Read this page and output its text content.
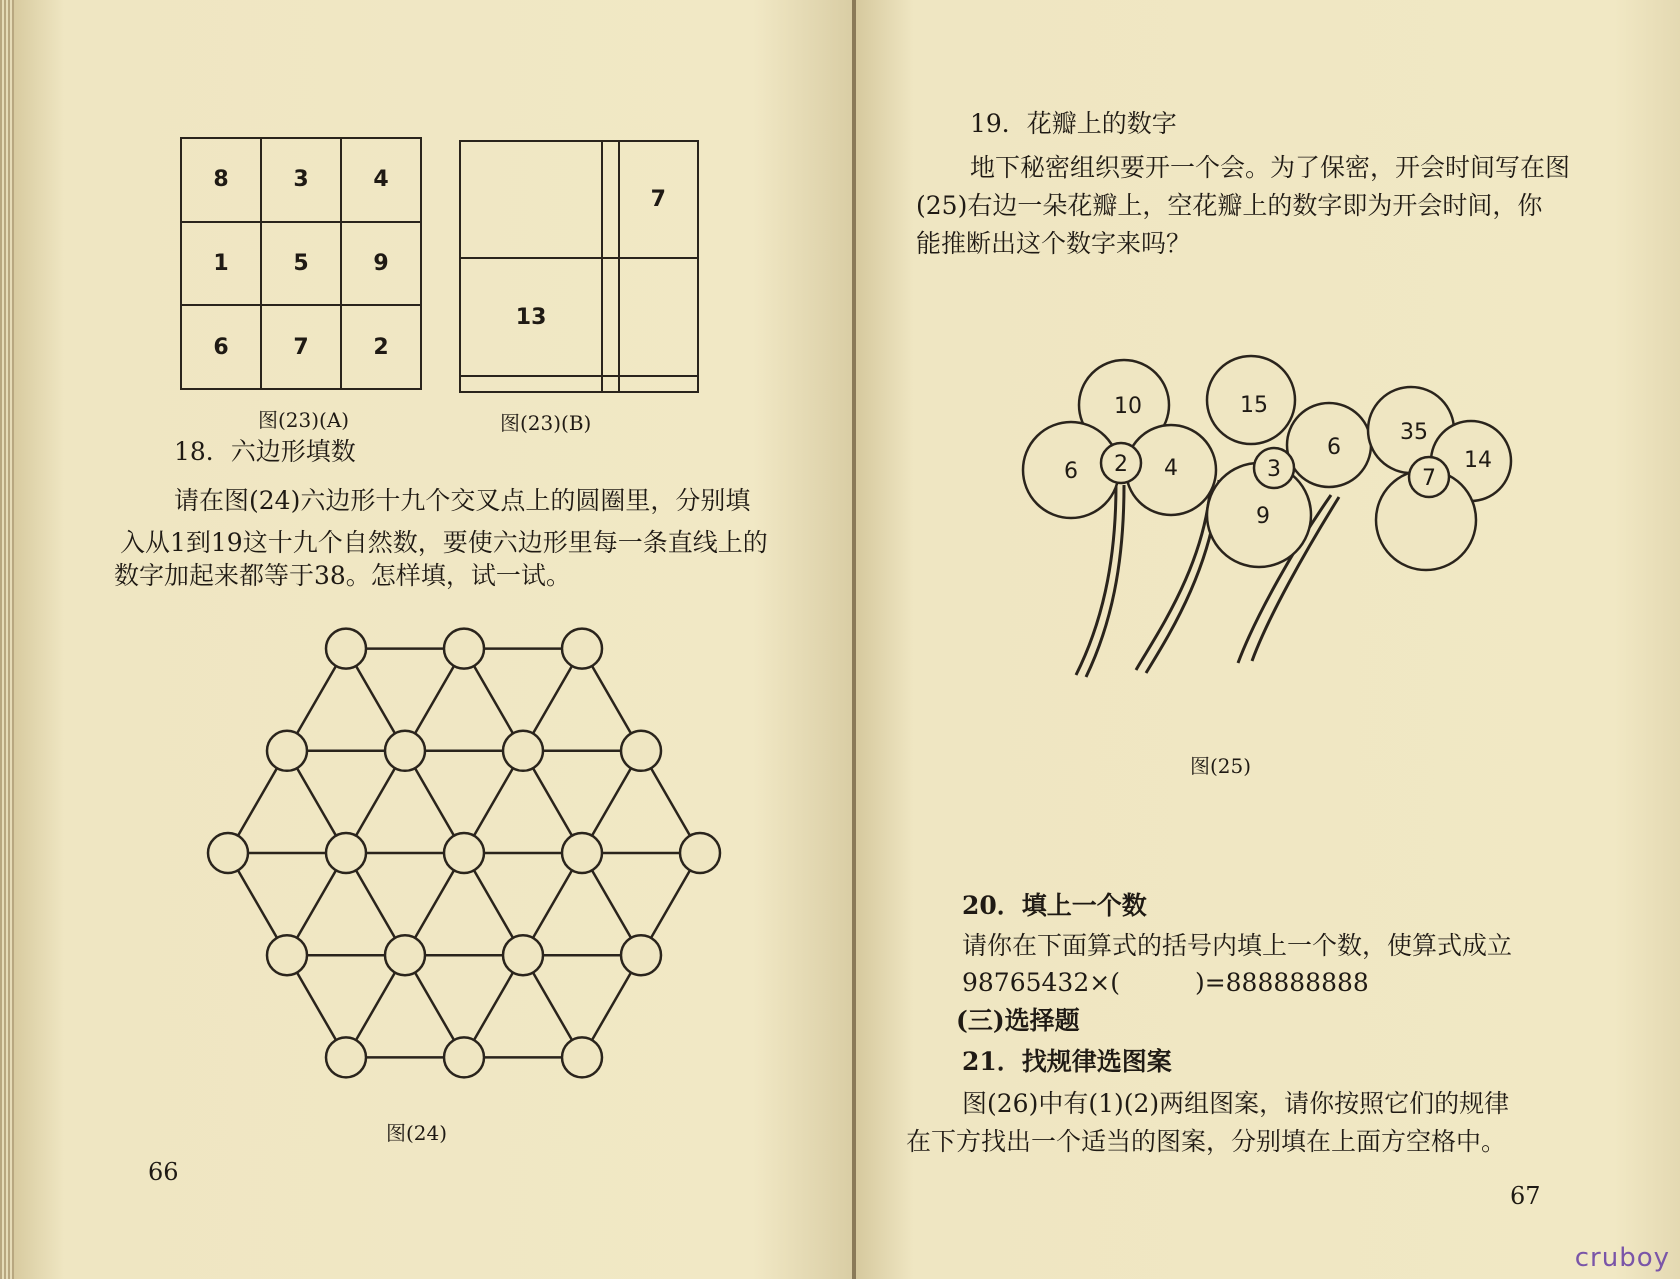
8	3	4
1	5	9
6	7	2
图(23)(A)
		7
13		

图(23)(B)
18．六边形填数
请在图(24)六边形十九个交叉点上的圆圈里，分别填
入从1到19这十九个自然数，要使六边形里每一条直线上的
数字加起来都等于38。怎样填，试一试。
图(24)
66
19．花瓣上的数字
地下秘密组织要开一个会。为了保密，开会时间写在图
(25)右边一朵花瓣上，空花瓣上的数字即为开会时间，你
能推断出这个数字来吗？
10
6	4
2
15
6
9
3
35
14
7
图(25)
20．填上一个数
请你在下面算式的括号内填上一个数，使算式成立
98765432×(　　　)=888888888
(三)选择题
21．找规律选图案
图(26)中有(1)(2)两组图案，请你按照它们的规律
在下方找出一个适当的图案，分别填在上面方空格中。
67
cruboy
